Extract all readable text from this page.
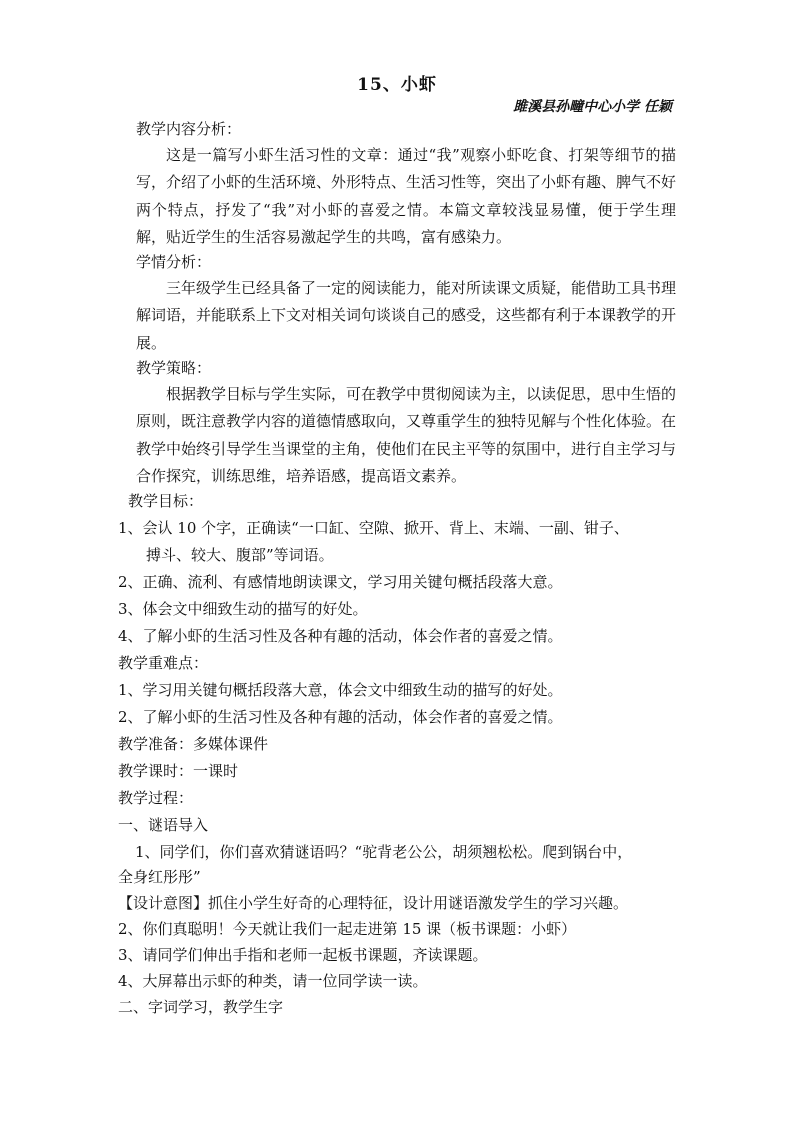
15、小虾
雎溪县孙疃中心小学 任颖
教学内容分析：

这是一篇写小虾生活习性的文章：通过“我”观察小虾吃食、打架等细节的描写，介绍了小虾的生活环境、外形特点、生活习性等，突出了小虾有趣、脾气不好两个特点，抒发了“我”对小虾的喜爱之情。本篇文章较浅显易懂，便于学生理解，贴近学生的生活容易激起学生的共鸣，富有感染力。

学情分析：

三年级学生已经具备了一定的阅读能力，能对所读课文质疑，能借助工具书理解词语，并能联系上下文对相关词句谈谈自己的感受，这些都有利于本课教学的开展。

教学策略：

根据教学目标与学生实际，可在教学中贯彻阅读为主，以读促思，思中生悟的原则，既注意教学内容的道德情感取向，又尊重学生的独特见解与个性化体验。在教学中始终引导学生当课堂的主角，使他们在民主平等的氛围中，进行自主学习与合作探究，训练思维，培养语感，提高语文素养。

教学目标：
1、会认 10 个字，正确读“一口缸、空隙、掀开、背上、末端、一副、钳子、
搏斗、较大、腹部”等词语。
2、正确、流利、有感情地朗读课文，学习用关键句概括段落大意。
3、体会文中细致生动的描写的好处。
4、了解小虾的生活习性及各种有趣的活动，体会作者的喜爱之情。
教学重难点：
1、学习用关键句概括段落大意，体会文中细致生动的描写的好处。
2、了解小虾的生活习性及各种有趣的活动，体会作者的喜爱之情。
教学准备：多媒体课件
教学课时：一课时
教学过程：
一、谜语导入
1、同学们，你们喜欢猜谜语吗？“驼背老公公，胡须翘松松。爬到锅台中，
全身红彤彤”
【设计意图】抓住小学生好奇的心理特征，设计用谜语激发学生的学习兴趣。
2、你们真聪明！今天就让我们一起走进第 15 课（板书课题：小虾）
3、请同学们伸出手指和老师一起板书课题，齐读课题。
4、大屏幕出示虾的种类，请一位同学读一读。
二、字词学习，教学生字
